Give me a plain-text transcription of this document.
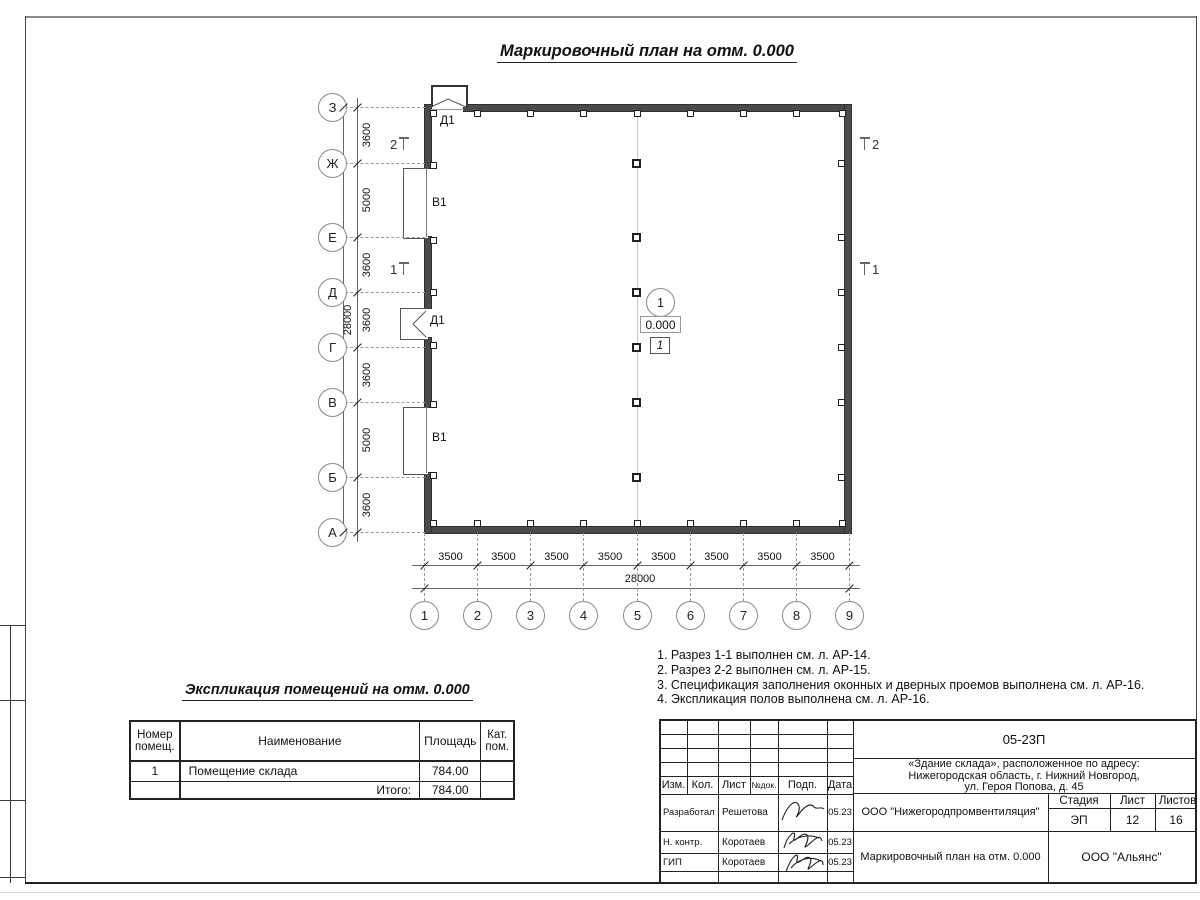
Маркировочный план на отм. 0.000
Д1
В1
Д1
В1
1
0.000
1
2
1
2
1
28000
28000
З
Ж
Е
Д
Г
В
Б
А
3600
5000
3600
3600
3600
5000
3600
1	2	3	4	5	6	7	8	9
3500	3500	3500	3500	3500	3500	3500	3500
Экспликация помещений на отм. 0.000
Номер помещ.	Наименование	Площадь	Кат. пом.
1	Помещение склада	784.00	
	Итого:	784.00	
1. Разрез 1-1 выполнен см. л. АР-14.
2. Разрез 2-2 выполнен см. л. АР-15.
3. Спецификация заполнения оконных и дверных проемов выполнена см. л. АР-16.
4. Экспликация полов выполнена см. л. АР-16.
Изм. Кол. Лист №док.	Подп. Дата
Разработал Решетова	05.23
Н. контр.	Коротаев	05.23
ГИП	Коротаев	05.23
05-23П
«Здание склада», расположенное по адресу:
Нижегородская область, г. Нижний Новгород,
ул. Героя Попова, д. 45
ООО "Нижегородпромвентиляция"
Стадия	Лист	Листов
ЭП	12	16
Маркировочный план на отм. 0.000	ООО "Альянс"
